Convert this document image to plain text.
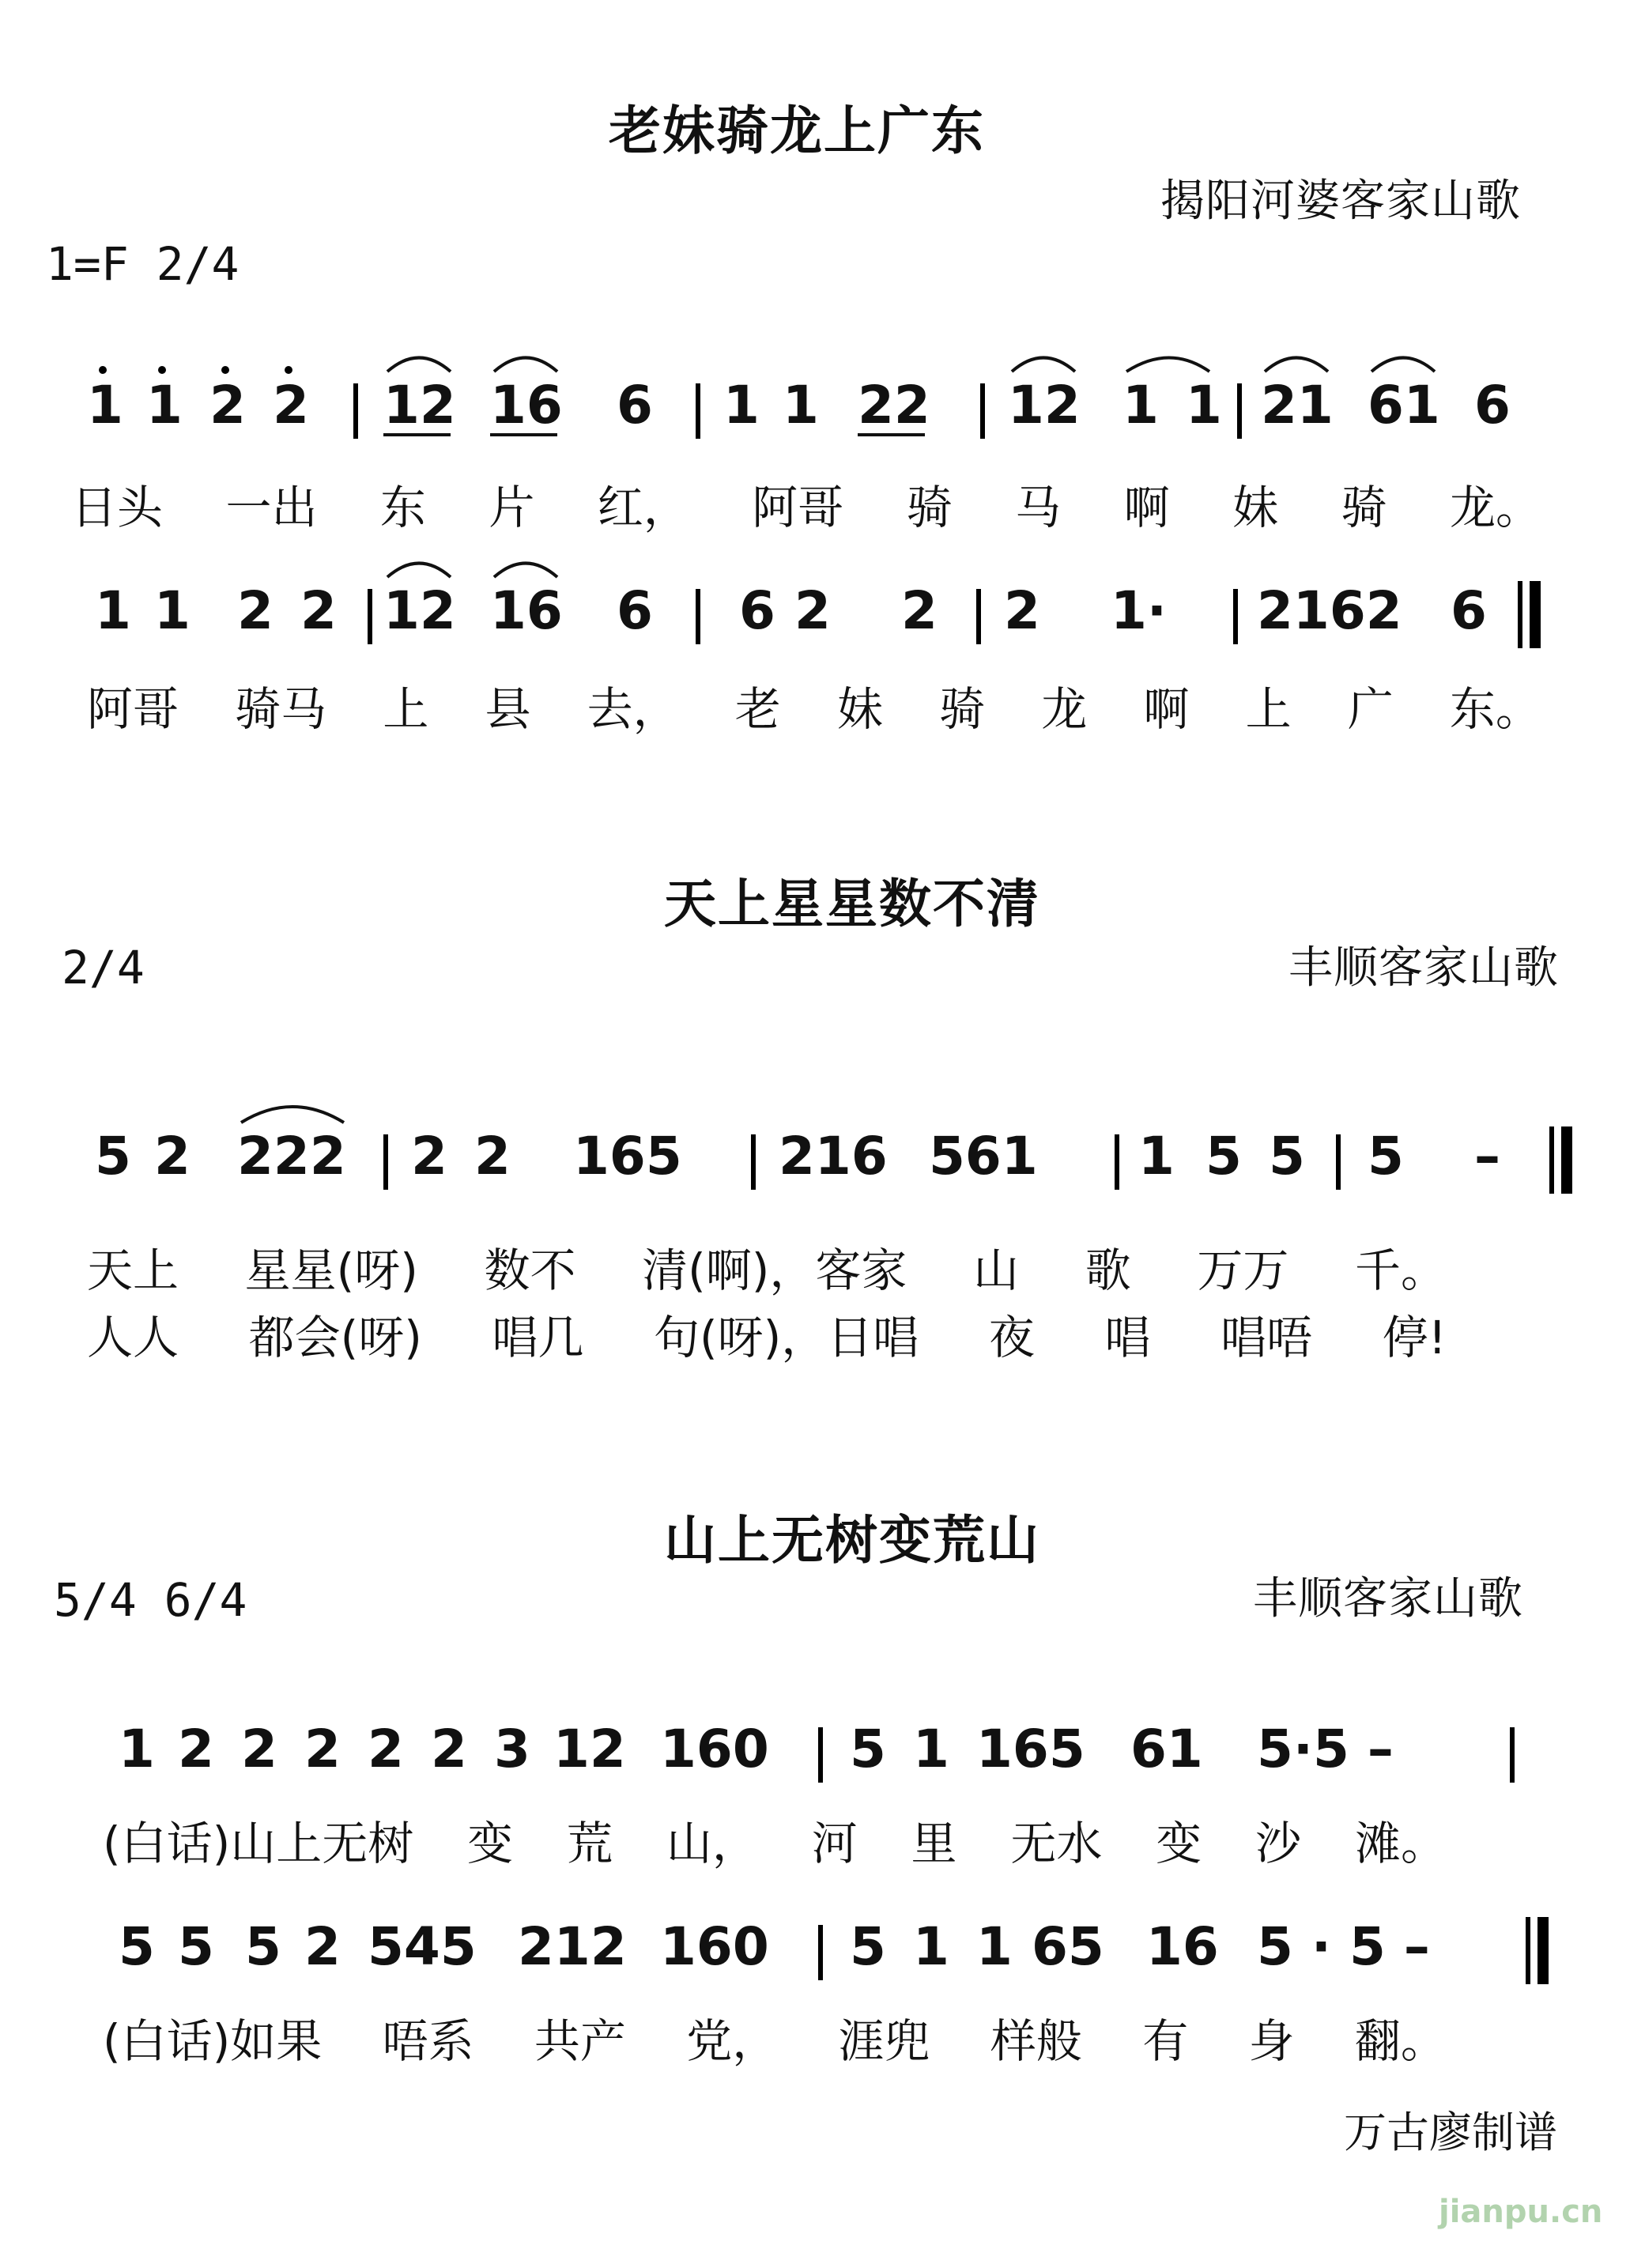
老妹骑龙上广东
揭阳河婆客家山歌
1=F 2/4
1 1 2 2 12 16 6 1 1 22 12 1 1 21 61 6
日头 一出 东 片 红， 阿哥 骑 马 啊 妹 骑 龙。
1 1 2 2 12 16 6 6 2 2 2 1· 2162 6
阿哥 骑马 上 县 去， 老 妹 骑 龙 啊 上 广 东。
天上星星数不清
2/4	丰顺客家山歌
5 2 222 2 2 165 216 561 1 5 5 5 –
天上 星星(呀) 数不 清(啊)，客家 山 歌 万万 千。
人人 都会(呀) 唱几 句(呀)，日唱 夜 唱 唱唔 停!
山上无树变荒山
5/4 6/4	丰顺客家山歌
1 2 2 2 2 2 3 12 160 5 1 165 61 5·5 –
(白话)山上无树 变 荒 山， 河 里 无水 变 沙 滩。
5 5 5 2 545 212 160 5 1 1 65 16 5 · 5 –
(白话)如果 唔系 共产 党， 涯兜 样般 有 身 翻。
万古廖制谱
jianpu.cn
